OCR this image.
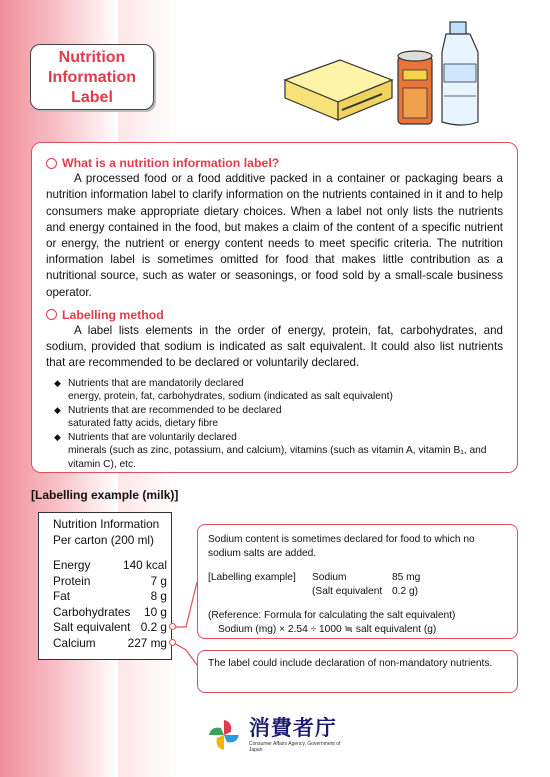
Nutrition
Information
Label
What is a nutrition information label?

A processed food or a food additive packed in a container or packaging bears a nutrition information label to clarify information on the nutrients contained in it and to help consumers make appropriate dietary choices. When a label not only lists the nutrients and energy contained in the food, but makes a claim of the content of a specific nutrient or energy, the nutrient or energy content needs to meet specific criteria. The nutrition information label is sometimes omitted for food that makes little contribution as a nutritional source, such as water or seasonings, or food sold by a small-scale business operator.

Labelling method

A label lists elements in the order of energy, protein, fat, carbohydrates, and sodium, provided that sodium is indicated as salt equivalent. It could also list nutrients that are recommended to be declared or voluntarily declared.

◆ Nutrients that are mandatorily declared
energy, protein, fat, carbohydrates, sodium (indicated as salt equivalent)
◆ Nutrients that are recommended to be declared
saturated fatty acids, dietary fibre
◆ Nutrients that are voluntarily declared
minerals (such as zinc, potassium, and calcium), vitamins (such as vitamin A, vitamin B₁, and vitamin C), etc.
[Labelling example (milk)]
Nutrition Information
Per carton (200 ml)
Energy	140 kcal
Protein	7 g
Fat	8 g
Carbohydrates 10 g
Salt equivalent 0.2 g
Calcium	227 mg
Sodium content is sometimes declared for food to which no sodium salts are added.
[Labelling example]	Sodium	85 mg
(Salt equivalent 0.2 g)
(Reference: Formula for calculating the salt equivalent)
Sodium (mg) × 2.54 ÷ 1000 ≒ salt equivalent (g)
The label could include declaration of non-mandatory nutrients.
消費者庁
Consumer Affairs Agency, Government of Japan
